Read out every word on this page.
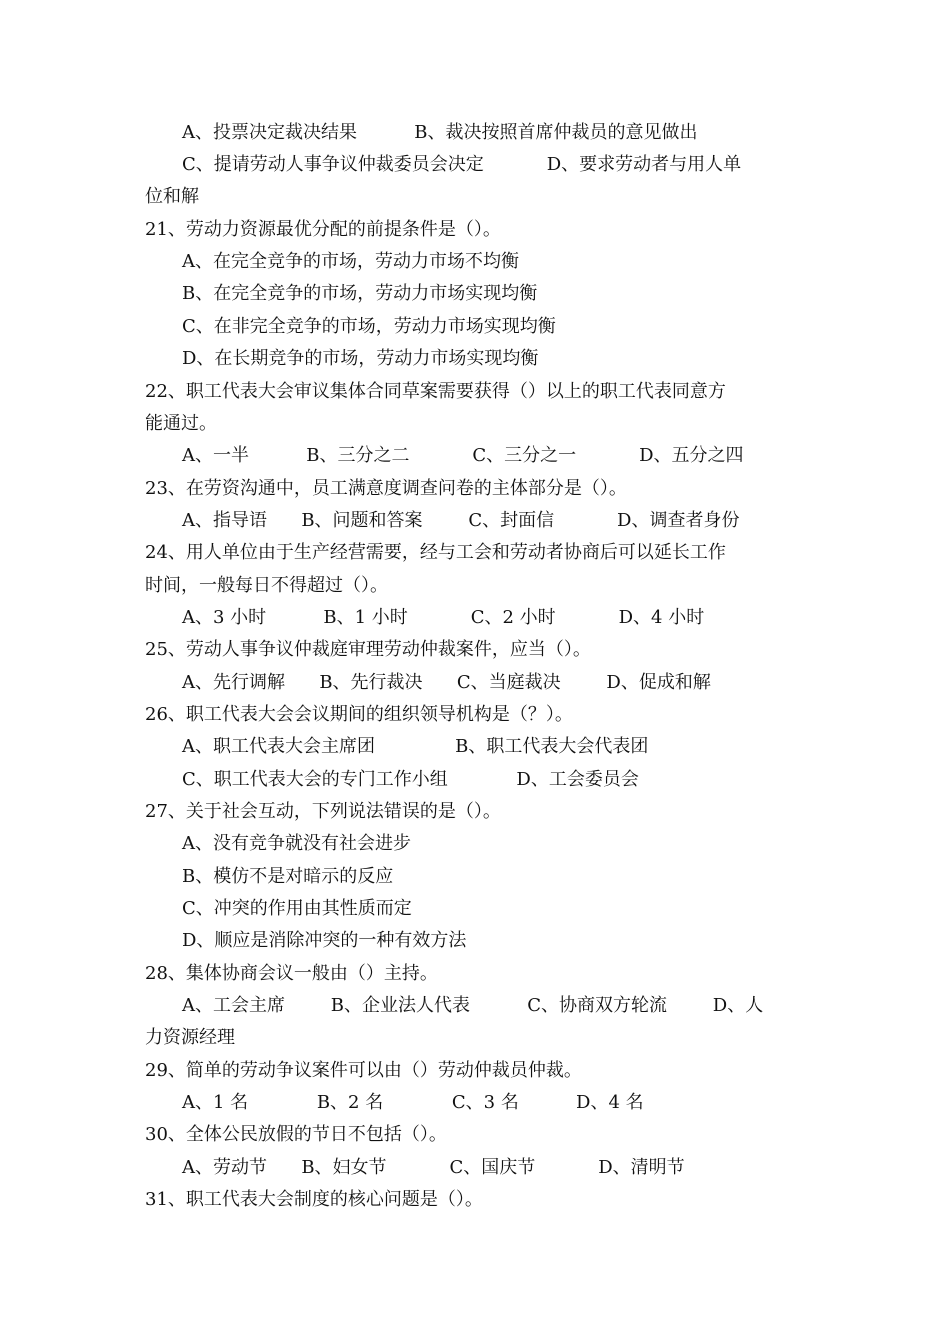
A、投票决定裁决结果          B、裁决按照首席仲裁员的意见做出
C、提请劳动人事争议仲裁委员会决定           D、要求劳动者与用人单
位和解
21、劳动力资源最优分配的前提条件是（）。
A、在完全竞争的市场，劳动力市场不均衡
B、在完全竞争的市场，劳动力市场实现均衡
C、在非完全竞争的市场，劳动力市场实现均衡
D、在长期竞争的市场，劳动力市场实现均衡
22、职工代表大会审议集体合同草案需要获得（）以上的职工代表同意方
能通过。
A、一半          B、三分之二           C、三分之一           D、五分之四
23、在劳资沟通中，员工满意度调查问卷的主体部分是（）。
A、指导语      B、问题和答案        C、封面信           D、调查者身份
24、用人单位由于生产经营需要，经与工会和劳动者协商后可以延长工作
时间，一般每日不得超过（）。
A、3 小时          B、1 小时           C、2 小时           D、4 小时
25、劳动人事争议仲裁庭审理劳动仲裁案件，应当（）。
A、先行调解      B、先行裁决      C、当庭裁决        D、促成和解
26、职工代表大会会议期间的组织领导机构是（？）。
A、职工代表大会主席团              B、职工代表大会代表团
C、职工代表大会的专门工作小组            D、工会委员会
27、关于社会互动，下列说法错误的是（）。
A、没有竞争就没有社会进步
B、模仿不是对暗示的反应
C、冲突的作用由其性质而定
D、顺应是消除冲突的一种有效方法
28、集体协商会议一般由（）主持。
A、工会主席        B、企业法人代表          C、协商双方轮流        D、人
力资源经理
29、简单的劳动争议案件可以由（）劳动仲裁员仲裁。
A、1 名            B、2 名            C、3 名          D、4 名
30、全体公民放假的节日不包括（）。
A、劳动节      B、妇女节           C、国庆节           D、清明节
31、职工代表大会制度的核心问题是（）。
